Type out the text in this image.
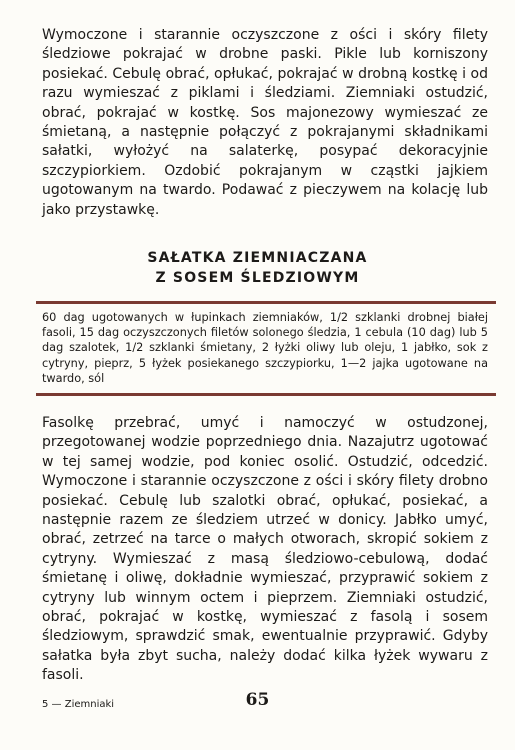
Wymoczone i starannie oczyszczone z ości i skóry filety śledziowe pokrajać w drobne paski. Pikle lub korniszony posiekać. Cebulę obrać, opłukać, pokrajać w drobną kostkę i od razu wymieszać z piklami i śledziami. Ziemniaki ostudzić, obrać, pokrajać w kostkę. Sos majonezowy wymieszać ze śmietaną, a następnie połączyć z pokrajanymi składnikami sałatki, wyłożyć na salaterkę, posypać dekoracyjnie szczypiorkiem. Ozdobić pokrajanym w cząstki jajkiem ugotowanym na twardo. Podawać z pieczywem na kolację lub jako przystawkę.

SAŁATKA ZIEMNIACZANA
Z SOSEM ŚLEDZIOWYM

60 dag ugotowanych w łupinkach ziemniaków, 1/2 szklanki drobnej białej fasoli, 15 dag oczyszczonych filetów solonego śledzia, 1 cebula (10 dag) lub 5 dag szalotek, 1/2 szklanki śmietany, 2 łyżki oliwy lub oleju, 1 jabłko, sok z cytryny, pieprz, 5 łyżek posiekanego szczypiorku, 1—2 jajka ugotowane na twardo, sól

Fasolkę przebrać, umyć i namoczyć w ostudzonej, przegotowanej wodzie poprzedniego dnia. Nazajutrz ugotować w tej samej wodzie, pod koniec osolić. Ostudzić, odcedzić. Wymoczone i starannie oczyszczone z ości i skóry filety drobno posiekać. Cebulę lub szalotki obrać, opłukać, posiekać, a następnie razem ze śledziem utrzeć w donicy. Jabłko umyć, obrać, zetrzeć na tarce o małych otworach, skropić sokiem z cytryny. Wymieszać z masą śledziowo-cebulową, dodać śmietanę i oliwę, dokładnie wymieszać, przyprawić sokiem z cytryny lub winnym octem i pieprzem. Ziemniaki ostudzić, obrać, pokrajać w kostkę, wymieszać z fasolą i sosem śledziowym, sprawdzić smak, ewentualnie przyprawić. Gdyby sałatka była zbyt sucha, należy dodać kilka łyżek wywaru z fasoli.

5 — Ziemniaki	65
